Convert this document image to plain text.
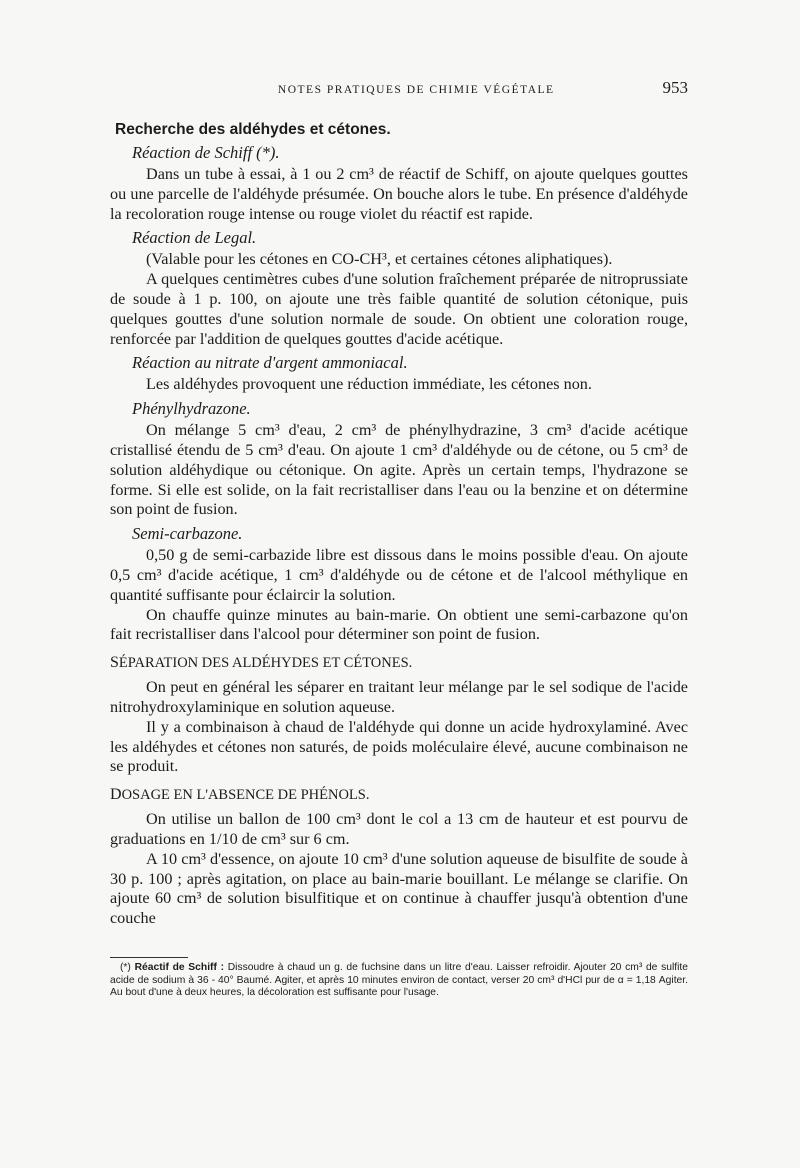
NOTES PRATIQUES DE CHIMIE VÉGÉTALE	953
Recherche des aldéhydes et cétones.
Réaction de Schiff (*).

Dans un tube à essai, à 1 ou 2 cm³ de réactif de Schiff, on ajoute quelques gouttes ou une parcelle de l'aldéhyde présumée. On bouche alors le tube. En présence d'aldéhyde la recoloration rouge intense ou rouge violet du réactif est rapide.

Réaction de Legal.

(Valable pour les cétones en CO-CH³, et certaines cétones aliphatiques).

A quelques centimètres cubes d'une solution fraîchement préparée de nitroprussiate de soude à 1 p. 100, on ajoute une très faible quantité de solution cétonique, puis quelques gouttes d'une solution normale de soude. On obtient une coloration rouge, renforcée par l'addition de quelques gouttes d'acide acétique.

Réaction au nitrate d'argent ammoniacal.

Les aldéhydes provoquent une réduction immédiate, les cétones non.

Phénylhydrazone.

On mélange 5 cm³ d'eau, 2 cm³ de phénylhydrazine, 3 cm³ d'acide acétique cristallisé étendu de 5 cm³ d'eau. On ajoute 1 cm³ d'aldéhyde ou de cétone, ou 5 cm³ de solution aldéhydique ou cétonique. On agite. Après un certain temps, l'hydrazone se forme. Si elle est solide, on la fait recristalliser dans l'eau ou la benzine et on détermine son point de fusion.

Semi-carbazone.

0,50 g de semi-carbazide libre est dissous dans le moins possible d'eau. On ajoute 0,5 cm³ d'acide acétique, 1 cm³ d'aldéhyde ou de cétone et de l'alcool méthylique en quantité suffisante pour éclaircir la solution.

On chauffe quinze minutes au bain-marie. On obtient une semi-carbazone qu'on fait recristalliser dans l'alcool pour déterminer son point de fusion.

SÉPARATION DES ALDÉHYDES ET CÉTONES.

On peut en général les séparer en traitant leur mélange par le sel sodique de l'acide nitrohydroxylaminique en solution aqueuse.

Il y a combinaison à chaud de l'aldéhyde qui donne un acide hydroxylaminé. Avec les aldéhydes et cétones non saturés, de poids moléculaire élevé, aucune combinaison ne se produit.

DOSAGE EN L'ABSENCE DE PHÉNOLS.

On utilise un ballon de 100 cm³ dont le col a 13 cm de hauteur et est pourvu de graduations en 1/10 de cm³ sur 6 cm.

A 10 cm³ d'essence, on ajoute 10 cm³ d'une solution aqueuse de bisulfite de soude à 30 p. 100 ; après agitation, on place au bain-marie bouillant. Le mélange se clarifie. On ajoute 60 cm³ de solution bisulfitique et on continue à chauffer jusqu'à obtention d'une couche

(*) Réactif de Schiff : Dissoudre à chaud un g. de fuchsine dans un litre d'eau. Laisser refroidir. Ajouter 20 cm³ de sulfite acide de sodium à 36 - 40° Baumé. Agiter, et après 10 minutes environ de contact, verser 20 cm³ d'HCl pur de α = 1,18 Agiter. Au bout d'une à deux heures, la décoloration est suffisante pour l'usage.
